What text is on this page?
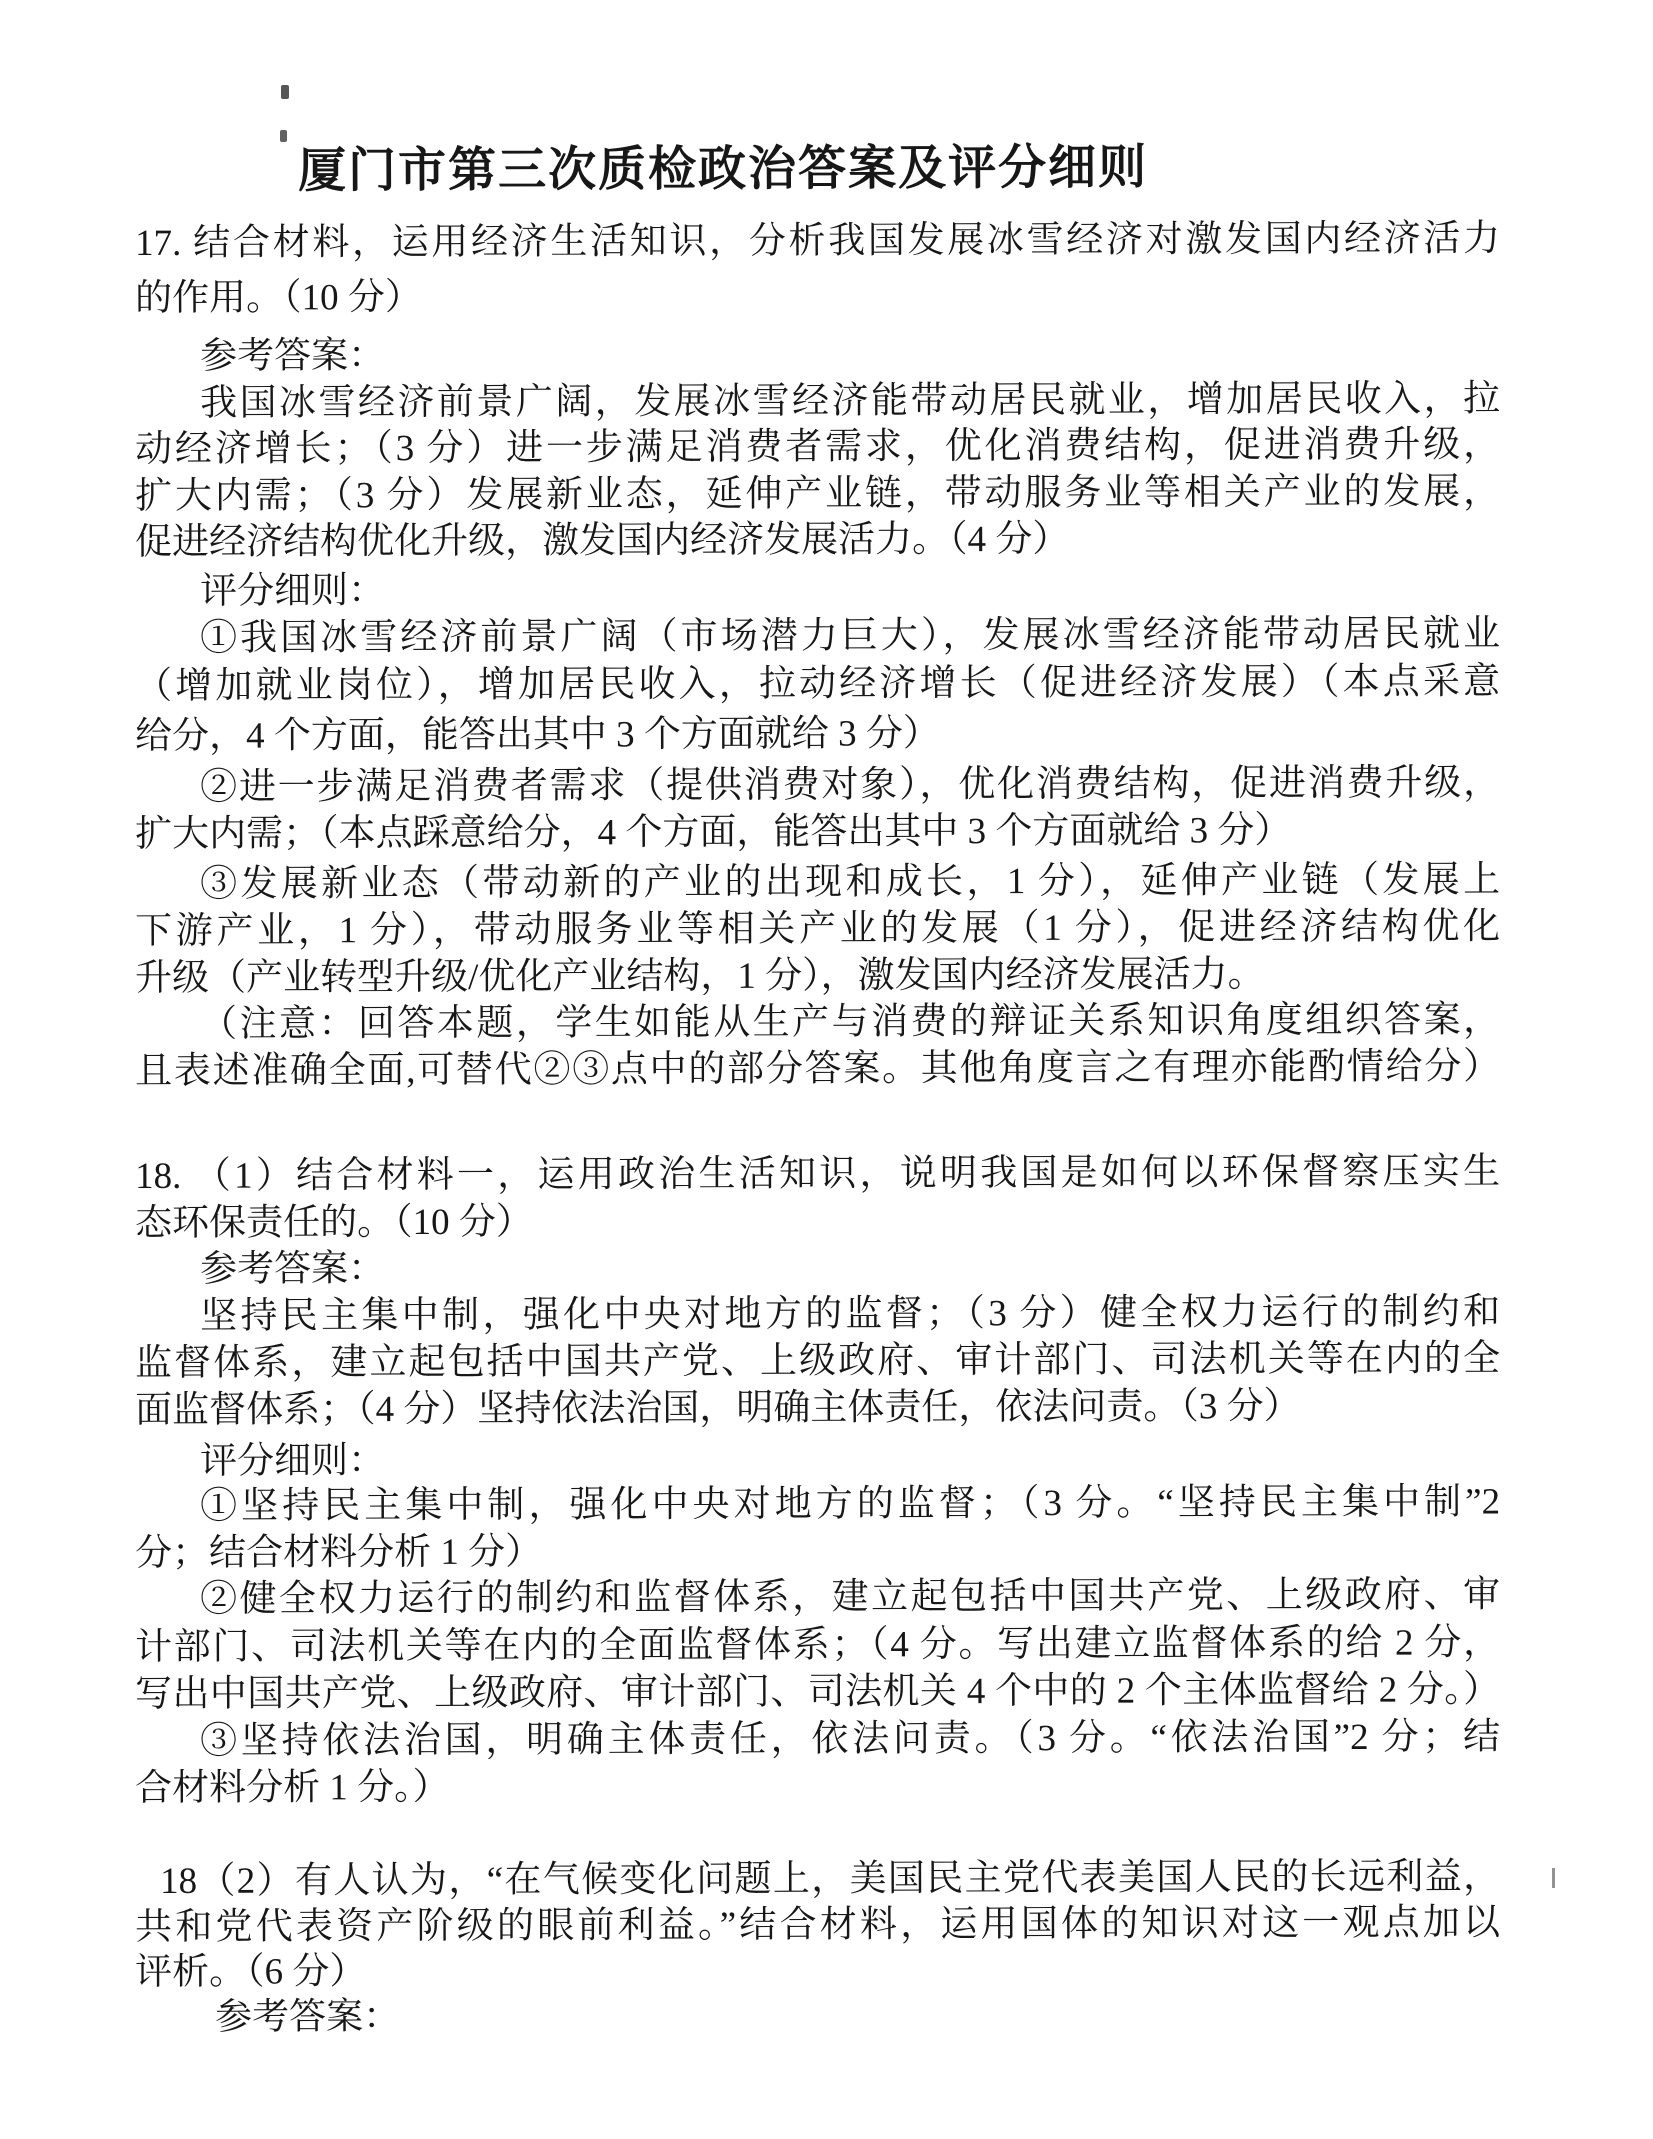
厦门市第三次质检政治答案及评分细则
17. 结合材料，运用经济生活知识，分析我国发展冰雪经济对激发国内经济活力
的作用。（10 分）
参考答案：
我国冰雪经济前景广阔，发展冰雪经济能带动居民就业，增加居民收入，拉
动经济增长；（3 分）进一步满足消费者需求，优化消费结构，促进消费升级，
扩大内需；（3 分）发展新业态，延伸产业链，带动服务业等相关产业的发展，
促进经济结构优化升级，激发国内经济发展活力。（4 分）
评分细则：
①我国冰雪经济前景广阔（市场潜力巨大），发展冰雪经济能带动居民就业
（增加就业岗位），增加居民收入，拉动经济增长（促进经济发展）（本点采意
给分，4 个方面，能答出其中 3 个方面就给 3 分）
②进一步满足消费者需求（提供消费对象），优化消费结构，促进消费升级，
扩大内需；（本点踩意给分，4 个方面，能答出其中 3 个方面就给 3 分）
③发展新业态（带动新的产业的出现和成长，1 分），延伸产业链（发展上
下游产业，1 分），带动服务业等相关产业的发展（1 分），促进经济结构优化
升级（产业转型升级/优化产业结构，1 分），激发国内经济发展活力。
（注意：回答本题，学生如能从生产与消费的辩证关系知识角度组织答案，
且表述准确全面,可替代②③点中的部分答案。其他角度言之有理亦能酌情给分）
18. （1）结合材料一，运用政治生活知识，说明我国是如何以环保督察压实生
态环保责任的。（10 分）
参考答案：
坚持民主集中制，强化中央对地方的监督；（3 分）健全权力运行的制约和
监督体系，建立起包括中国共产党、上级政府、审计部门、司法机关等在内的全
面监督体系；（4 分）坚持依法治国，明确主体责任，依法问责。（3 分）
评分细则：
①坚持民主集中制，强化中央对地方的监督；（3 分。“坚持民主集中制”2
分；结合材料分析 1 分）
②健全权力运行的制约和监督体系，建立起包括中国共产党、上级政府、审
计部门、司法机关等在内的全面监督体系；（4 分。写出建立监督体系的给 2 分，
写出中国共产党、上级政府、审计部门、司法机关 4 个中的 2 个主体监督给 2 分。）
③坚持依法治国，明确主体责任，依法问责。（3 分。“依法治国”2 分；结
合材料分析 1 分。）
18（2）有人认为，“在气候变化问题上，美国民主党代表美国人民的长远利益，
共和党代表资产阶级的眼前利益。”结合材料，运用国体的知识对这一观点加以
评析。（6 分）
参考答案：
